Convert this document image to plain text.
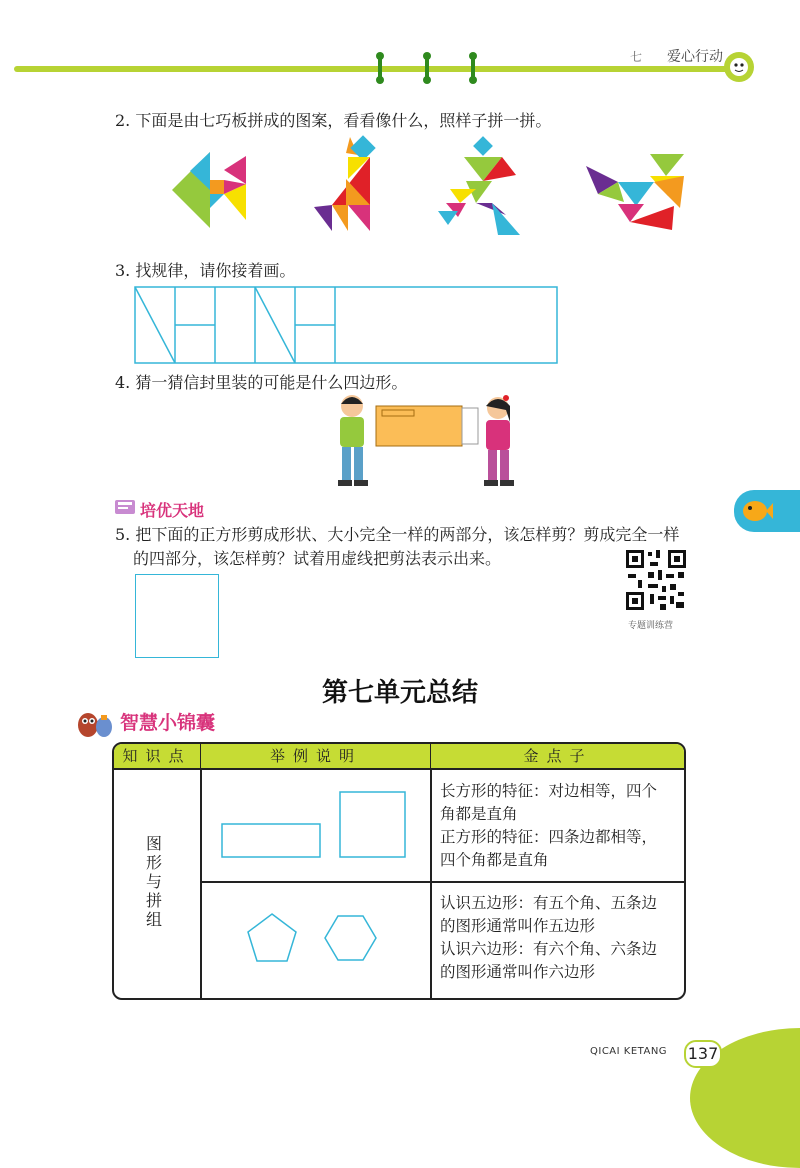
七 爱心行动
2. 下面是由七巧板拼成的图案，看看像什么，照样子拼一拼。
3. 找规律，请你接着画。
4. 猜一猜信封里装的可能是什么四边形。
培优天地
5. 把下面的正方形剪成形状、大小完全一样的两部分，该怎样剪？剪成完全一样
的四部分，该怎样剪？试着用虚线把剪法表示出来。
专题训练营
第七单元总结
智慧小锦囊
知识点	举例说明	金点子
图形与拼组
长方形的特征：对边相等，四个
角都是直角
正方形的特征：四条边都相等，
四个角都是直角
认识五边形：有五个角、五条边
的图形通常叫作五边形
认识六边形：有六个角、六条边
的图形通常叫作六边形
QICAI KETANG 137
